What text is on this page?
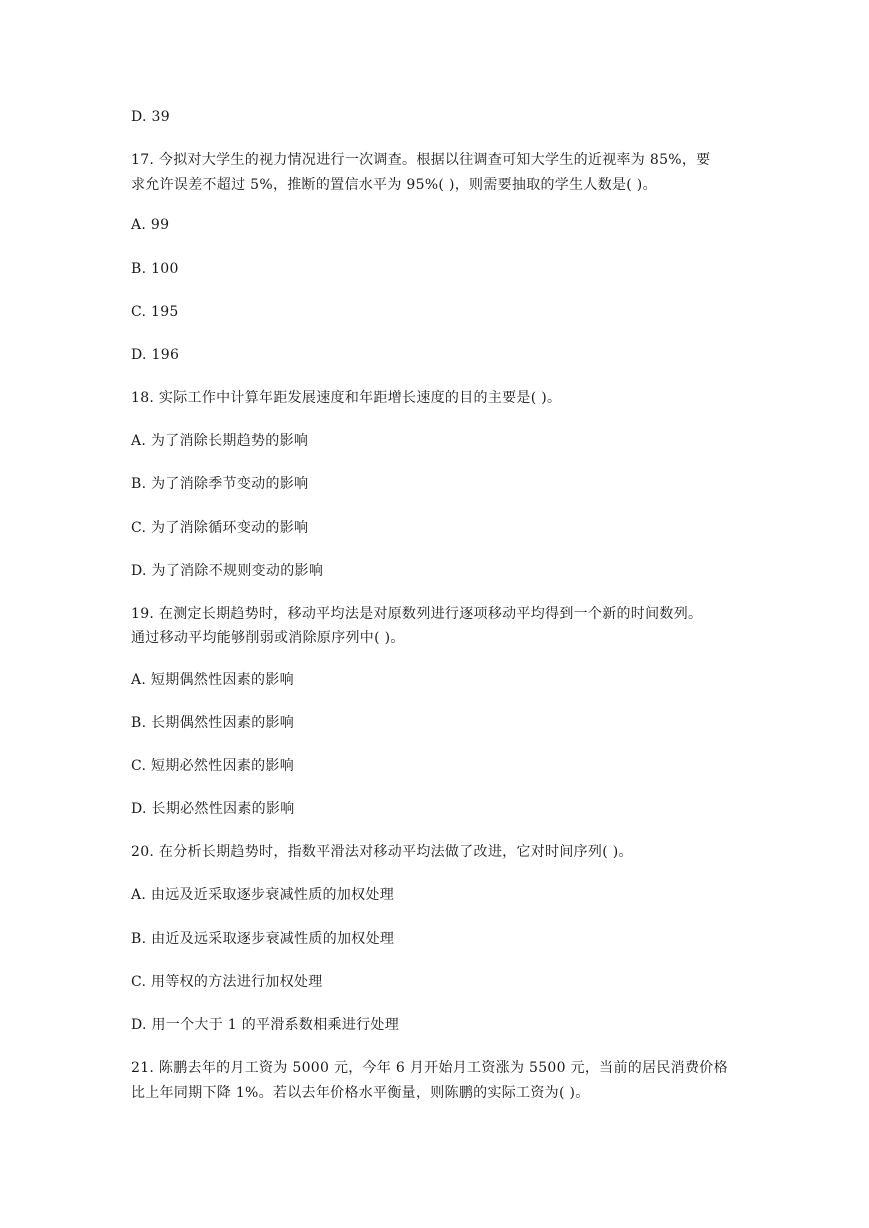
D. 39
17. 今拟对大学生的视力情况进行一次调查。根据以往调查可知大学生的近视率为 85%，要
求允许误差不超过 5%，推断的置信水平为 95%( )，则需要抽取的学生人数是( )。
A. 99
B. 100
C. 195
D. 196
18. 实际工作中计算年距发展速度和年距增长速度的目的主要是( )。
A. 为了消除长期趋势的影响
B. 为了消除季节变动的影响
C. 为了消除循环变动的影响
D. 为了消除不规则变动的影响
19. 在测定长期趋势时，移动平均法是对原数列进行逐项移动平均得到一个新的时间数列。
通过移动平均能够削弱或消除原序列中( )。
A. 短期偶然性因素的影响
B. 长期偶然性因素的影响
C. 短期必然性因素的影响
D. 长期必然性因素的影响
20. 在分析长期趋势时，指数平滑法对移动平均法做了改进，它对时间序列( )。
A. 由远及近采取逐步衰减性质的加权处理
B. 由近及远采取逐步衰减性质的加权处理
C. 用等权的方法进行加权处理
D. 用一个大于 1 的平滑系数相乘进行处理
21. 陈鹏去年的月工资为 5000 元，今年 6 月开始月工资涨为 5500 元，当前的居民消费价格
比上年同期下降 1%。若以去年价格水平衡量，则陈鹏的实际工资为( )。
